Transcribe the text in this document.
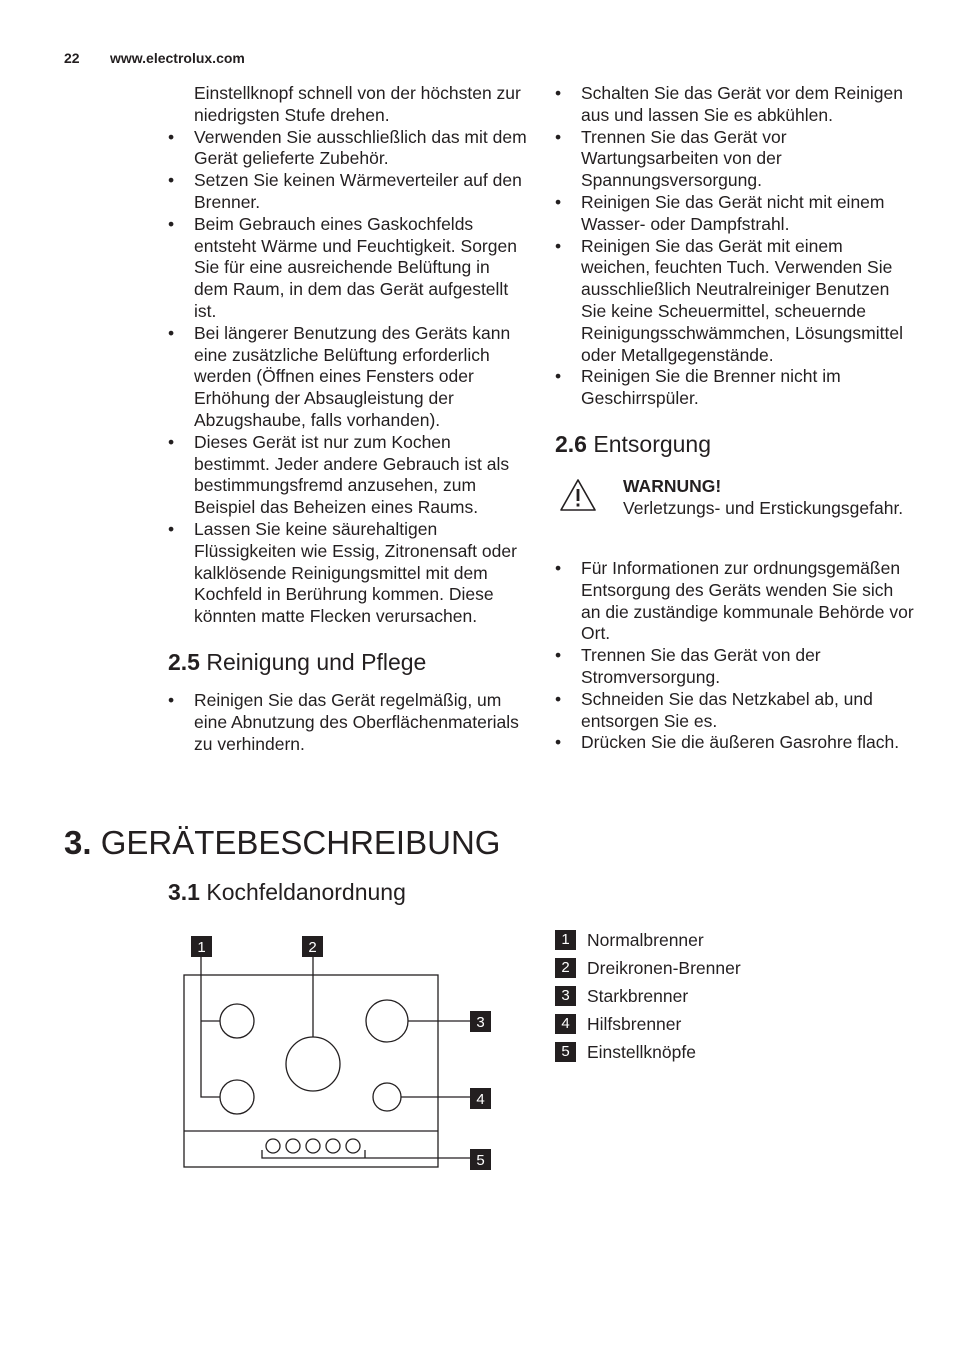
22 www.electrolux.com
Einstellknopf schnell von der höchsten zur niedrigsten Stufe drehen.
• Verwenden Sie ausschließlich das mit dem Gerät gelieferte Zubehör.
• Setzen Sie keinen Wärmeverteiler auf den Brenner.
• Beim Gebrauch eines Gaskochfelds entsteht Wärme und Feuchtigkeit. Sorgen Sie für eine ausreichende Belüftung in dem Raum, in dem das Gerät aufgestellt ist.
• Bei längerer Benutzung des Geräts kann eine zusätzliche Belüftung erforderlich werden (Öffnen eines Fensters oder Erhöhung der Absaugleistung der Abzugshaube, falls vorhanden).
• Dieses Gerät ist nur zum Kochen bestimmt. Jeder andere Gebrauch ist als bestimmungsfremd anzusehen, zum Beispiel das Beheizen eines Raums.
• Lassen Sie keine säurehaltigen Flüssigkeiten wie Essig, Zitronensaft oder kalklösende Reinigungsmittel mit dem Kochfeld in Berührung kommen. Diese könnten matte Flecken verursachen.
2.5 Reinigung und Pflege
• Reinigen Sie das Gerät regelmäßig, um eine Abnutzung des Oberflächenmaterials zu verhindern.
• Schalten Sie das Gerät vor dem Reinigen aus und lassen Sie es abkühlen.
• Trennen Sie das Gerät vor Wartungsarbeiten von der Spannungsversorgung.
• Reinigen Sie das Gerät nicht mit einem Wasser- oder Dampfstrahl.
• Reinigen Sie das Gerät mit einem weichen, feuchten Tuch. Verwenden Sie ausschließlich Neutralreiniger Benutzen Sie keine Scheuermittel, scheuernde Reinigungsschwämmchen, Lösungsmittel oder Metallgegenstände.
• Reinigen Sie die Brenner nicht im Geschirrspüler.
2.6 Entsorgung
WARNUNG!
Verletzungs- und Erstickungsgefahr.
• Für Informationen zur ordnungsgemäßen Entsorgung des Geräts wenden Sie sich an die zuständige kommunale Behörde vor Ort.
• Trennen Sie das Gerät von der Stromversorgung.
• Schneiden Sie das Netzkabel ab, und entsorgen Sie es.
• Drücken Sie die äußeren Gasrohre flach.
3. GERÄTEBESCHREIBUNG
3.1 Kochfeldanordnung
1	2
3
4
5
1 Normalbrenner
2 Dreikronen-Brenner
3 Starkbrenner
4 Hilfsbrenner
5 Einstellknöpfe
